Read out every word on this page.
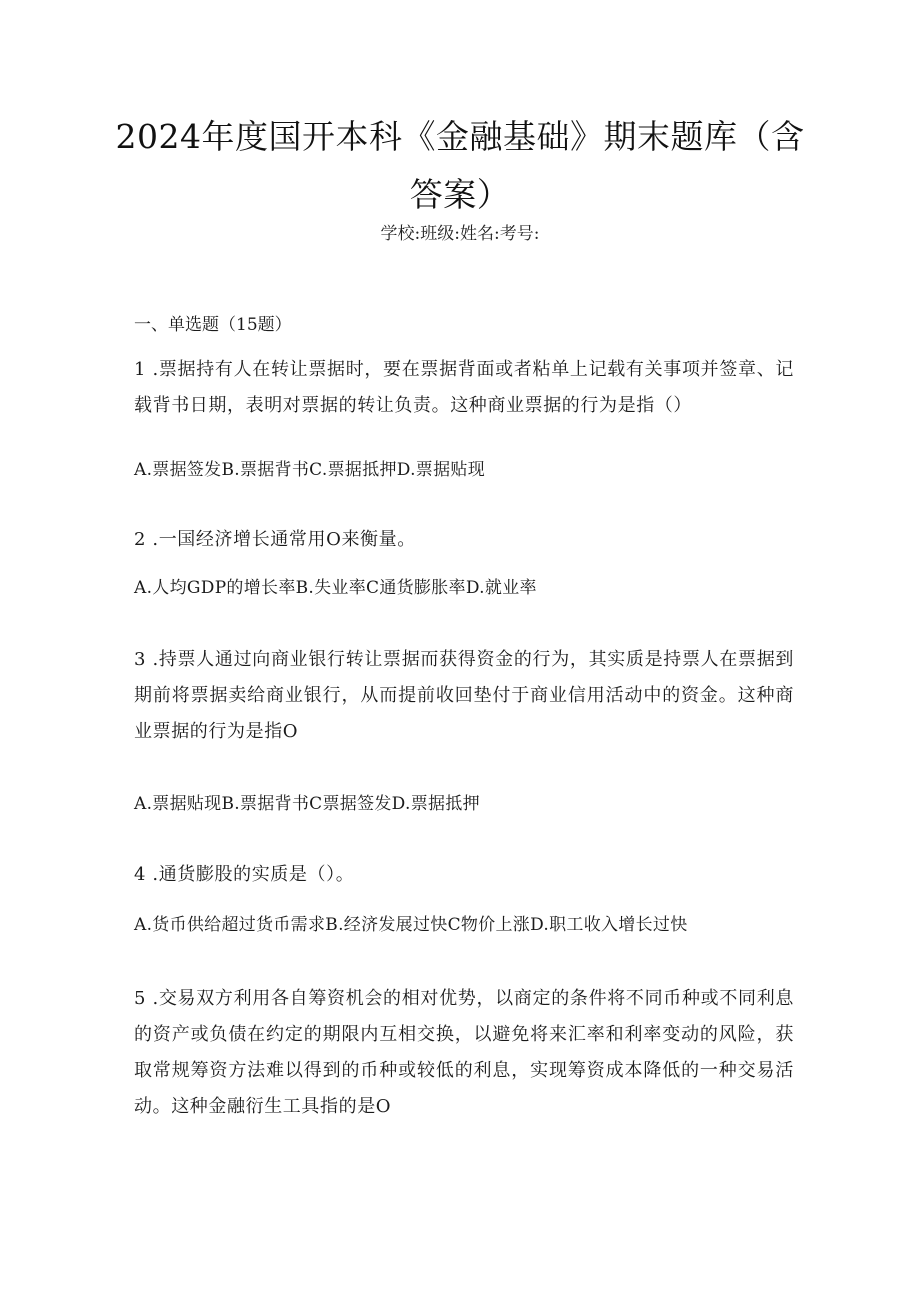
2024年度国开本科《金融基础》期末题库（含
答案）
学校:班级:姓名:考号:
一、单选题（15题）
1 .票据持有人在转让票据时，要在票据背面或者粘单上记载有关事项并签章、记载背书日期，表明对票据的转让负责。这种商业票据的行为是指（）
A.票据签发B.票据背书C.票据抵押D.票据贴现
2 .一国经济增长通常用O来衡量。
A.人均GDP的增长率B.失业率C通货膨胀率D.就业率
3 .持票人通过向商业银行转让票据而获得资金的行为，其实质是持票人在票据到期前将票据卖给商业银行，从而提前收回垫付于商业信用活动中的资金。这种商业票据的行为是指O
A.票据贴现B.票据背书C票据签发D.票据抵押
4 .通货膨股的实质是（）。
A.货币供给超过货币需求B.经济发展过快C物价上涨D.职工收入增长过快
5 .交易双方利用各自筹资机会的相对优势，以商定的条件将不同币种或不同利息的资产或负债在约定的期限内互相交换，以避免将来汇率和利率变动的风险，获取常规筹资方法难以得到的币种或较低的利息，实现筹资成本降低的一种交易活动。这种金融衍生工具指的是O
